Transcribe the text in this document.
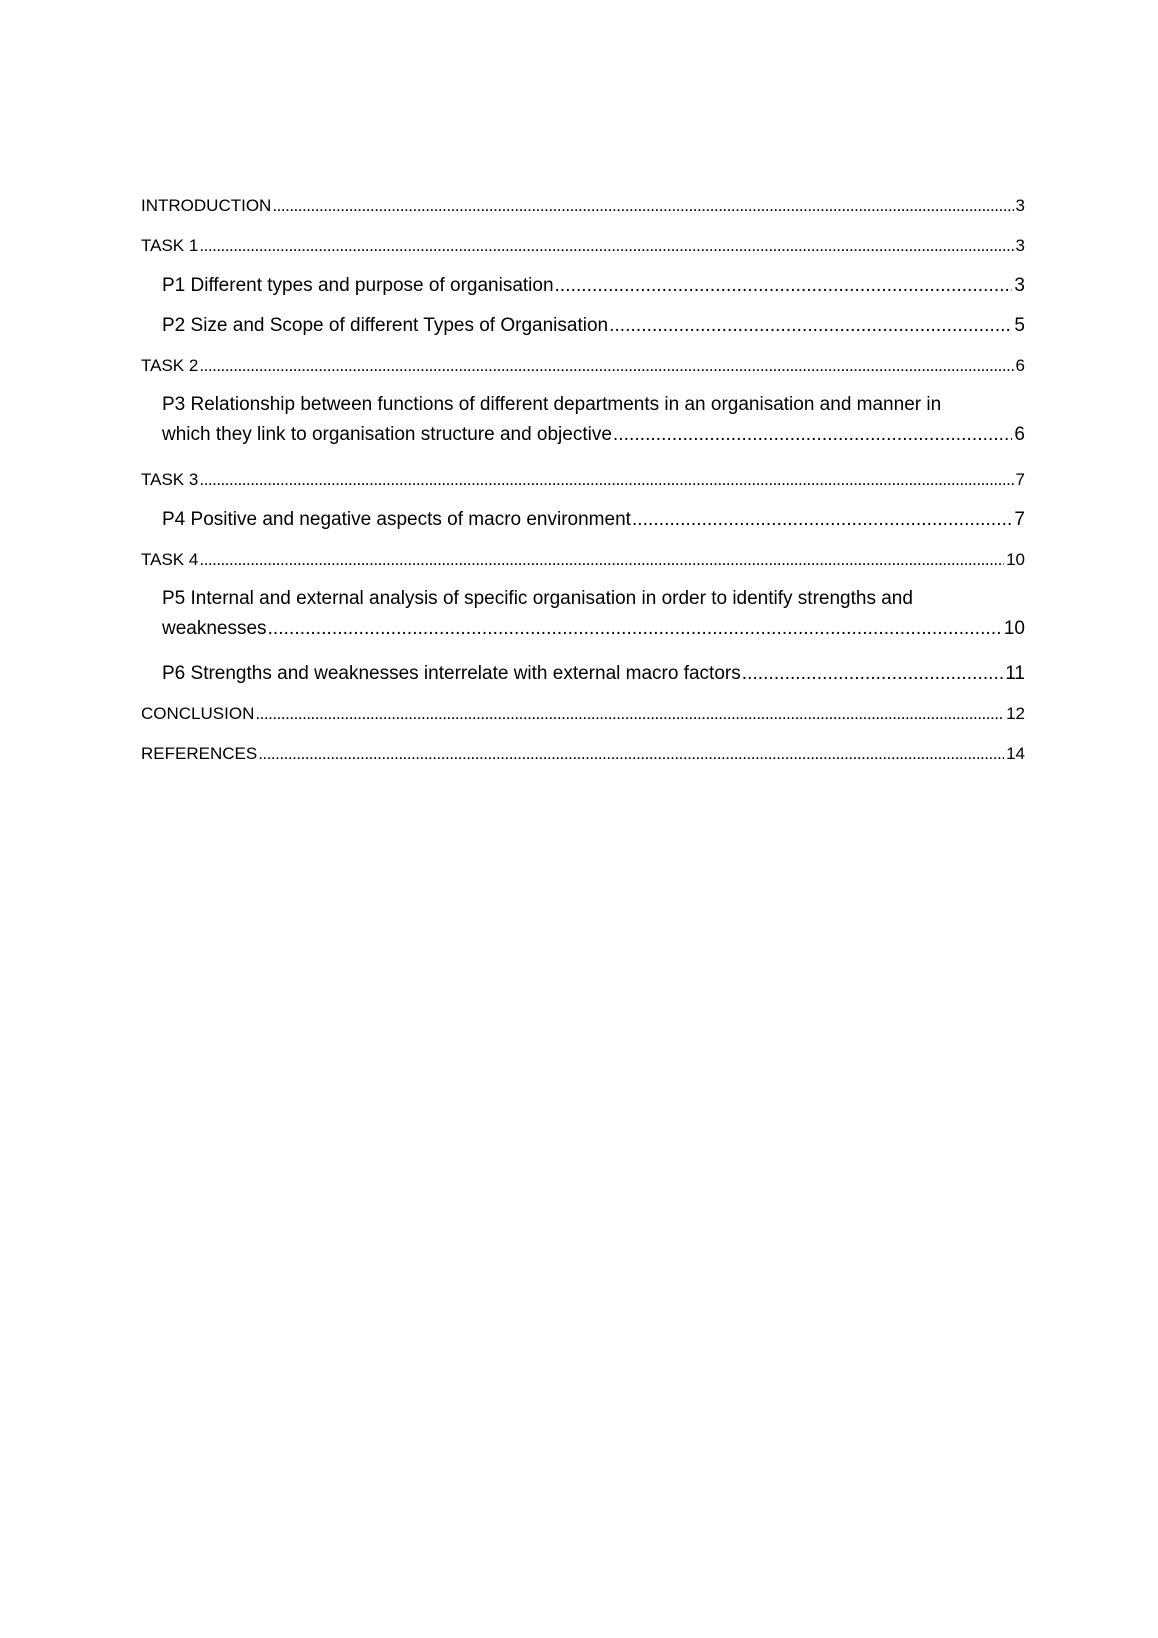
INTRODUCTION . . .	3
TASK 1 . . .	3
P1 Different types and purpose of organisation . . .	3
P2 Size and Scope of different Types of Organisation . . .	5
TASK 2 . . .	6
P3 Relationship between functions of different departments in an organisation and manner in
which they link to organisation structure and objective . . .	6
TASK 3 . . .	7
P4 Positive and negative aspects of macro environment . . .	7
TASK 4 . . .	10
P5 Internal and external analysis of specific organisation in order to identify strengths and
weaknesses . . .	10
P6 Strengths and weaknesses interrelate with external macro factors . . .	11
CONCLUSION . . .	12
REFERENCES . . .	14
